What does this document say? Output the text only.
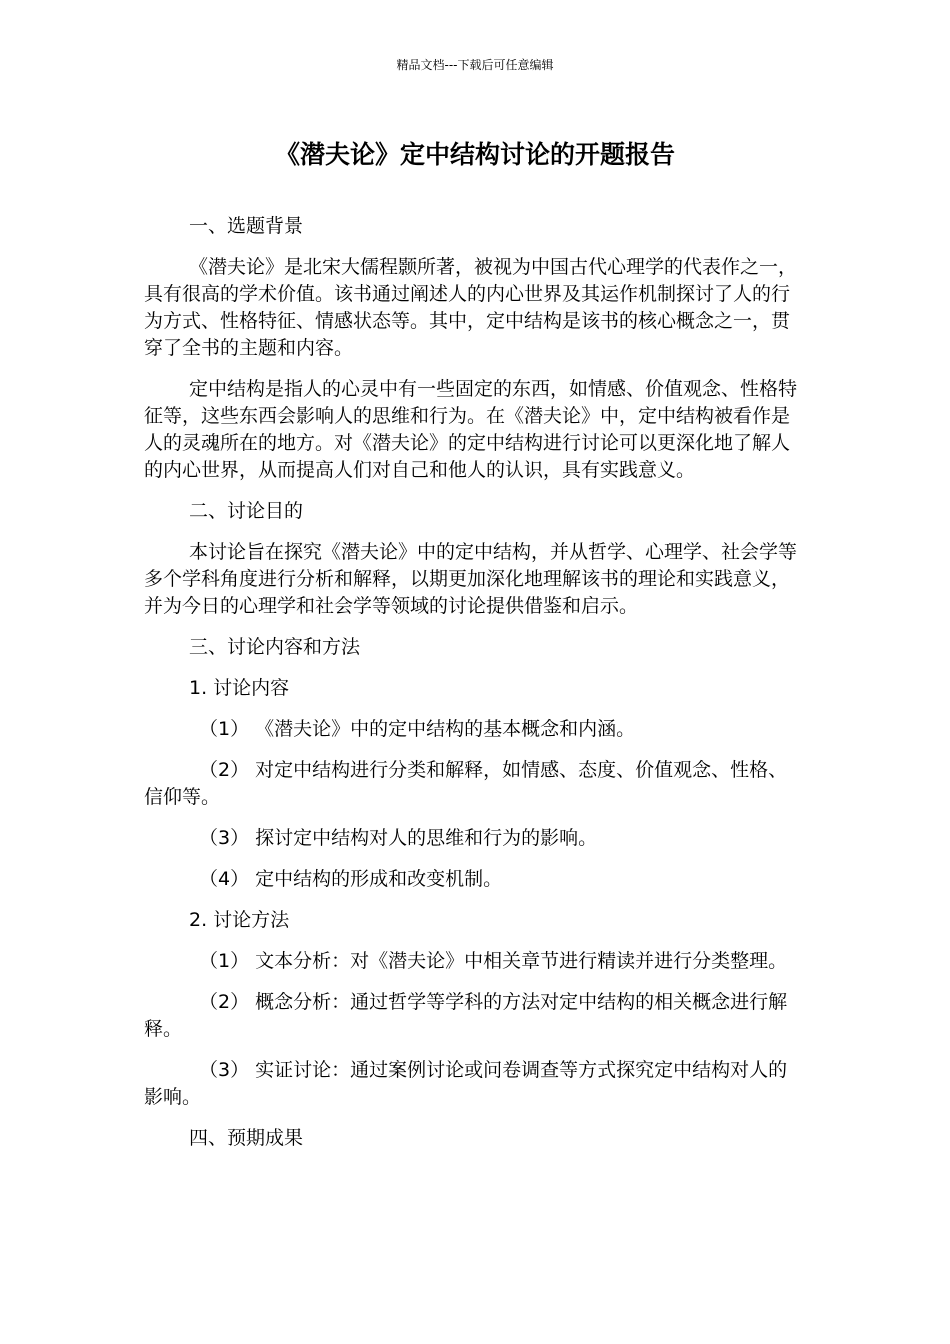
精品文档---下载后可任意编辑
《潜夫论》定中结构讨论的开题报告

一、选题背景

《潜夫论》是北宋大儒程颢所著，被视为中国古代心理学的代表作之一，具有很高的学术价值。该书通过阐述人的内心世界及其运作机制探讨了人的行为方式、性格特征、情感状态等。其中，定中结构是该书的核心概念之一，贯穿了全书的主题和内容。

定中结构是指人的心灵中有一些固定的东西，如情感、价值观念、性格特征等，这些东西会影响人的思维和行为。在《潜夫论》中，定中结构被看作是人的灵魂所在的地方。对《潜夫论》的定中结构进行讨论可以更深化地了解人的内心世界，从而提高人们对自己和他人的认识，具有实践意义。

二、讨论目的

本讨论旨在探究《潜夫论》中的定中结构，并从哲学、心理学、社会学等多个学科角度进行分析和解释，以期更加深化地理解该书的理论和实践意义，并为今日的心理学和社会学等领域的讨论提供借鉴和启示。

三、讨论内容和方法

1. 讨论内容

（1） 《潜夫论》中的定中结构的基本概念和内涵。

（2） 对定中结构进行分类和解释，如情感、态度、价值观念、性格、信仰等。

（3） 探讨定中结构对人的思维和行为的影响。

（4） 定中结构的形成和改变机制。

2. 讨论方法

（1） 文本分析：对《潜夫论》中相关章节进行精读并进行分类整理。

（2） 概念分析：通过哲学等学科的方法对定中结构的相关概念进行解释。

（3） 实证讨论：通过案例讨论或问卷调查等方式探究定中结构对人的影响。

四、预期成果
